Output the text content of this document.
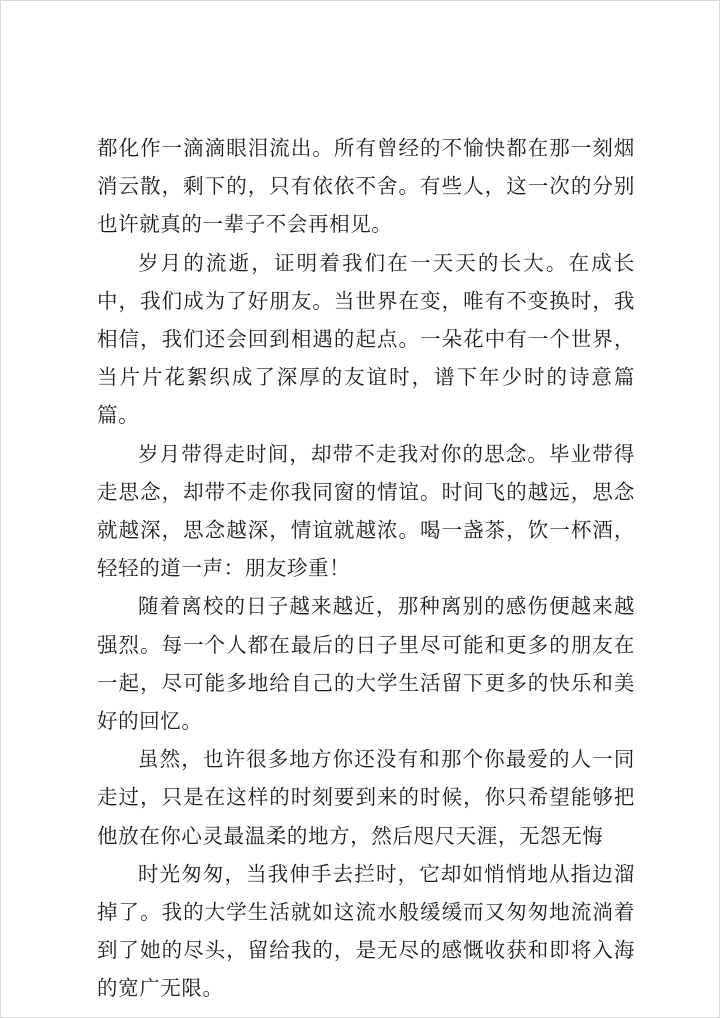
都化作一滴滴眼泪流出。所有曾经的不愉快都在那一刻烟消云散，剩下的，只有依依不舍。有些人，这一次的分别也许就真的一辈子不会再相见。

岁月的流逝，证明着我们在一天天的长大。在成长中，我们成为了好朋友。当世界在变，唯有不变换时，我相信，我们还会回到相遇的起点。一朵花中有一个世界，当片片花絮织成了深厚的友谊时，谱下年少时的诗意篇篇。

岁月带得走时间，却带不走我对你的思念。毕业带得走思念，却带不走你我同窗的情谊。时间飞的越远，思念就越深，思念越深，情谊就越浓。喝一盏茶，饮一杯酒，轻轻的道一声：朋友珍重！

随着离校的日子越来越近，那种离别的感伤便越来越强烈。每一个人都在最后的日子里尽可能和更多的朋友在一起，尽可能多地给自己的大学生活留下更多的快乐和美好的回忆。

虽然，也许很多地方你还没有和那个你最爱的人一同走过，只是在这样的时刻要到来的时候，你只希望能够把他放在你心灵最温柔的地方，然后咫尺天涯，无怨无悔

时光匆匆，当我伸手去拦时，它却如悄悄地从指边溜掉了。我的大学生活就如这流水般缓缓而又匆匆地流淌着到了她的尽头，留给我的，是无尽的感慨收获和即将入海的宽广无限。
